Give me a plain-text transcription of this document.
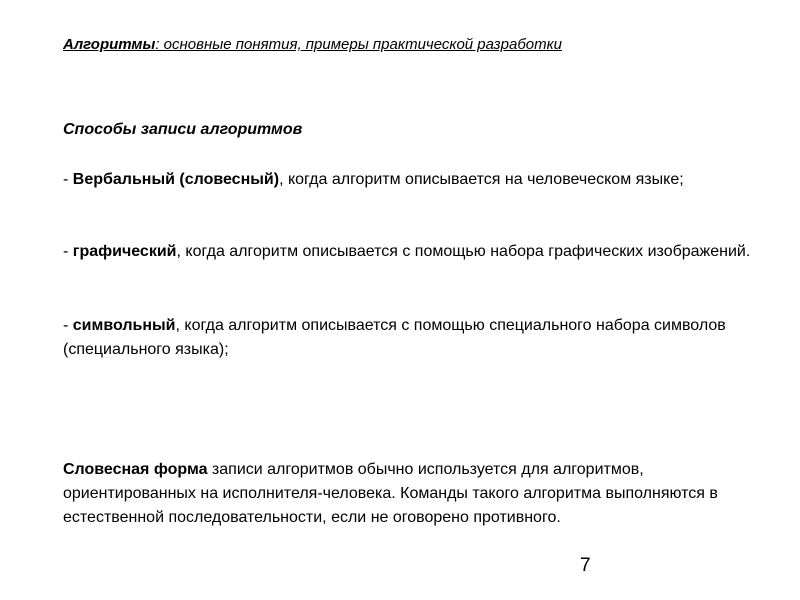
Алгоритмы: основные понятия, примеры практической разработки
Способы записи алгоритмов
- Вербальный (словесный), когда алгоритм описывается на человеческом языке;
- графический, когда алгоритм описывается с помощью набора графических изображений.
- символьный, когда алгоритм описывается с помощью специального набора символов (специального языка);
Словесная форма записи алгоритмов обычно используется для алгоритмов, ориентированных на исполнителя-человека. Команды такого алгоритма выполняются в естественной последовательности, если не оговорено противного.
7
